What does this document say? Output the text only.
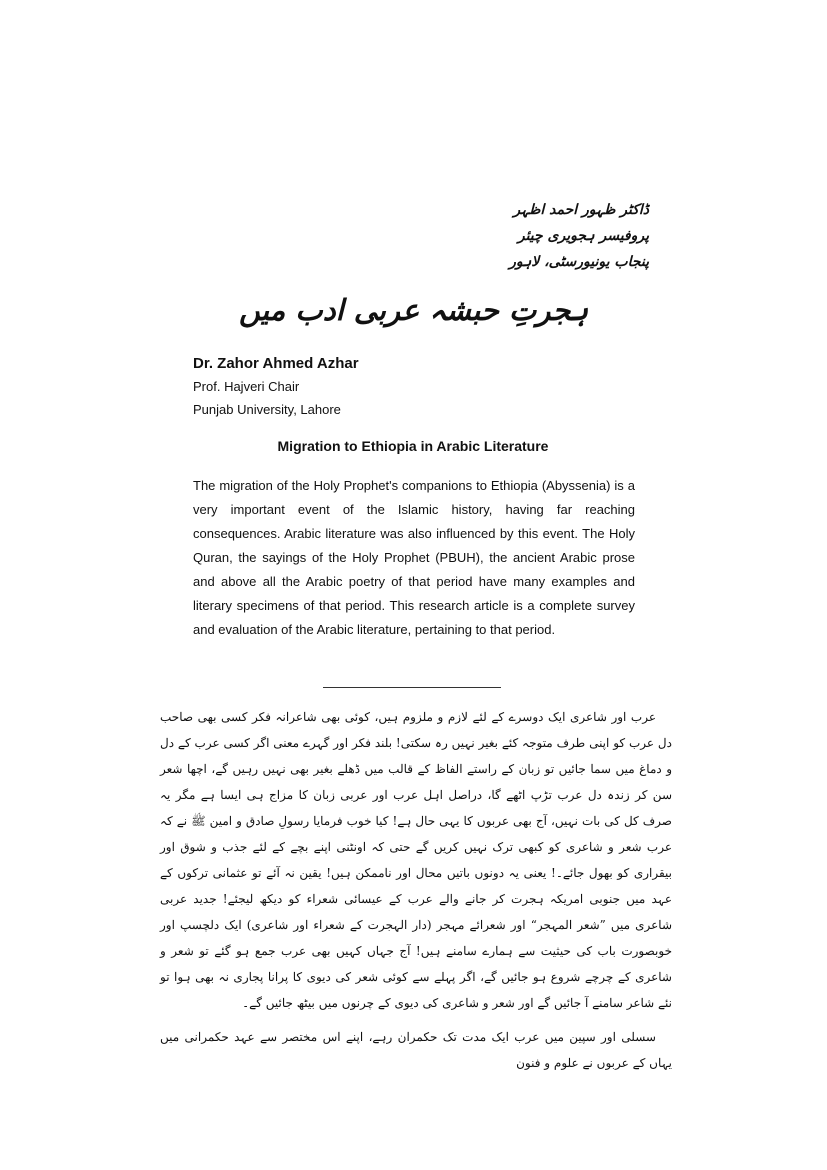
ڈاکٹر ظہور احمد اظہر
پروفیسر ہجویری چیئر
پنجاب یونیورسٹی، لاہور
ہجرتِ حبشہ عربی ادب میں
Dr. Zahor Ahmed Azhar
Prof. Hajveri Chair
Punjab University, Lahore
Migration to Ethiopia in Arabic Literature
The migration of the Holy Prophet's companions to Ethiopia (Abyssenia) is a very important event of the Islamic history, having far reaching consequences. Arabic literature was also influenced by this event. The Holy Quran, the sayings of the Holy Prophet (PBUH), the ancient Arabic prose and above all the Arabic poetry of that period have many examples and literary specimens of that period. This research article is a complete survey and evaluation of the Arabic literature, pertaining to that period.

عرب اور شاعری ایک دوسرے کے لئے لازم و ملزوم ہیں، کوئی بھی شاعرانہ فکر کسی بھی صاحب دل عرب کو اپنی طرف متوجہ کئے بغیر نہیں رہ سکتی! بلند فکر اور گہرے معنی اگر کسی عرب کے دل و دماغ میں سما جائیں تو زبان کے راستے الفاظ کے قالب میں ڈھلے بغیر بھی نہیں رہیں گے، اچھا شعر سن کر زندہ دل عرب تڑپ اٹھے گا، دراصل اہل عرب اور عربی زبان کا مزاج ہی ایسا ہے مگر یہ صرف کل کی بات نہیں، آج بھی عربوں کا یہی حال ہے! کیا خوب فرمایا رسولِ صادق و امین ﷺ نے کہ عرب شعر و شاعری کو کبھی ترک نہیں کریں گے حتی کہ اونٹنی اپنے بچے کے لئے جذب و شوق اور بیقراری کو بھول جائے۔! یعنی یہ دونوں باتیں محال اور ناممکن ہیں! یقین نہ آئے تو عثمانی ترکوں کے عہد میں جنوبی امریکہ ہجرت کر جانے والے عرب کے عیسائی شعراء کو دیکھ لیجئے! جدید عربی شاعری میں ”شعر المہجر“ اور شعرائے مہجر (دار الہجرت کے شعراء اور شاعری) ایک دلچسپ اور خوبصورت باب کی حیثیت سے ہمارے سامنے ہیں! آج جہاں کہیں بھی عرب جمع ہو گئے تو شعر و شاعری کے چرچے شروع ہو جائیں گے، اگر پہلے سے کوئی شعر کی دیوی کا پرانا پجاری نہ بھی ہوا تو نئے شاعر سامنے آ جائیں گے اور شعر و شاعری کی دیوی کے چرنوں میں بیٹھ جائیں گے۔

سسلی اور سپین میں عرب ایک مدت تک حکمران رہے، اپنے اس مختصر سے عہد حکمرانی میں یہاں کے عربوں نے علوم و فنون
